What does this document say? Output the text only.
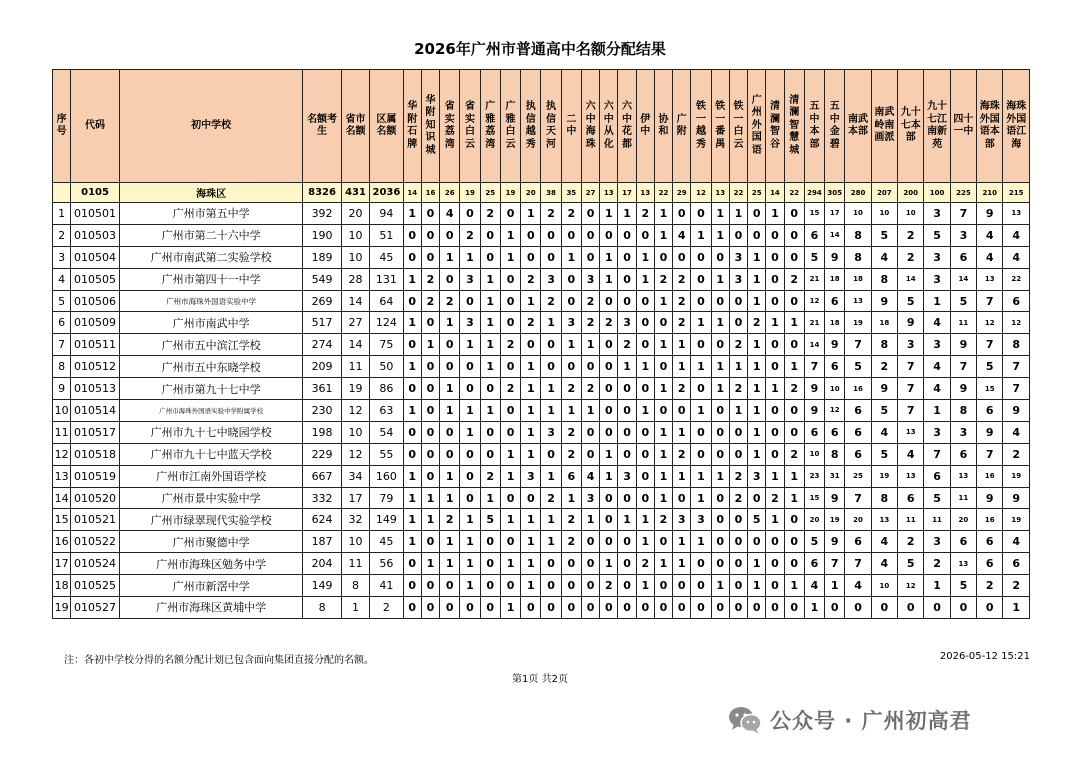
2026年广州市普通高中名额分配结果
序号	代码	初中学校	名额考生	省市名额	区属名额	华附石牌	华附知识城	省实荔湾	省实白云	广雅荔湾	广雅白云	执信越秀	执信天河	二中	六中海珠	六中从化	六中花都	伊中	协和	广附	铁一越秀	铁一番禺	铁一白云	广州外国语	清澜智谷	清澜智慧城	五中本部	五中金碧	南武本部	南武岭南画派	九十七本部	九十七江南新苑	四十一中	海珠外国语本部	海珠外国语江海
	0105	海珠区	8326	431	2036	14	16	26	19	25	19	20	38	35	27	13	17	13	22	29	12	13	22	25	14	22	294	305	280	207	200	100	225	210	215
1	010501	广州市第五中学	392	20	94	1	0	4	0	2	0	1	2	2	0	1	1	2	1	0	0	1	1	0	1	0	15	17	10	10	10	3	7	9	13
2	010503	广州市第二十六中学	190	10	51	0	0	0	2	0	1	0	0	0	0	0	0	0	1	4	1	1	0	0	0	0	6	14	8	5	2	5	3	4	4
3	010504	广州市南武第二实验学校	189	10	45	0	0	1	1	0	1	0	0	1	0	1	0	1	0	0	0	0	3	1	0	0	5	9	8	4	2	3	6	4	4
4	010505	广州市第四十一中学	549	28	131	1	2	0	3	1	0	2	3	0	3	1	0	1	2	2	0	1	3	1	0	2	21	18	18	8	14	3	14	13	22
5	010506	广州市海珠外国语实验中学	269	14	64	0	2	2	0	1	0	1	2	0	2	0	0	0	1	2	0	0	0	1	0	0	12	6	13	9	5	1	5	7	6
6	010509	广州市南武中学	517	27	124	1	0	1	3	1	0	2	1	3	2	2	3	0	0	2	1	1	0	2	1	1	21	18	19	18	9	4	11	12	12
7	010511	广州市五中滨江学校	274	14	75	0	1	0	1	1	2	0	0	1	1	0	2	0	1	1	0	0	2	1	0	0	14	9	7	8	3	3	9	7	8
8	010512	广州市五中东晓学校	209	11	50	1	0	0	0	1	0	1	0	0	0	0	1	1	0	1	1	1	1	1	0	1	7	6	5	2	7	4	7	5	7
9	010513	广州市第九十七中学	361	19	86	0	0	1	0	0	2	1	1	2	2	0	0	0	1	2	0	1	2	1	1	2	9	10	16	9	7	4	9	15	7
10	010514	广州市海珠外国语实验中学附属学校	230	12	63	1	0	1	1	1	0	1	1	1	1	0	0	1	0	0	1	0	1	1	0	0	9	12	6	5	7	1	8	6	9
11	010517	广州市九十七中晓园学校	198	10	54	0	0	0	1	0	0	1	3	2	0	0	0	0	1	1	0	0	0	1	0	0	6	6	6	4	13	3	3	9	4
12	010518	广州市九十七中蓝天学校	229	12	55	0	0	0	0	0	1	1	0	2	0	1	0	0	1	2	0	0	0	1	0	2	10	8	6	5	4	7	6	7	2
13	010519	广州市江南外国语学校	667	34	160	1	0	1	0	2	1	3	1	6	4	1	3	0	1	1	1	1	2	3	1	1	23	31	25	19	13	6	13	16	19
14	010520	广州市景中实验中学	332	17	79	1	1	1	0	1	0	0	2	1	3	0	0	0	1	0	1	0	2	0	2	1	15	9	7	8	6	5	11	9	9
15	010521	广州市绿翠现代实验学校	624	32	149	1	1	2	1	5	1	1	1	2	1	0	1	1	2	3	3	0	0	5	1	0	20	19	20	13	11	11	20	16	19
16	010522	广州市聚德中学	187	10	45	1	0	1	1	0	0	1	1	2	0	0	0	1	0	1	1	0	0	0	0	0	5	9	6	4	2	3	6	6	4
17	010524	广州市海珠区勉务中学	204	11	56	0	1	1	1	0	1	1	0	0	0	1	0	2	1	1	0	0	0	1	0	0	6	7	7	4	5	2	13	6	6
18	010525	广州市新滘中学	149	8	41	0	0	0	1	0	0	1	0	0	0	2	0	1	0	0	0	1	0	1	0	1	4	1	4	10	12	1	5	2	2
19	010527	广州市海珠区黄埔中学	8	1	2	0	0	0	0	0	1	0	0	0	0	0	0	0	0	0	0	0	0	0	0	0	1	0	0	0	0	0	0	0	1
注：各初中学校分得的名额分配计划已包含面向集团直接分配的名额。	2026-05-12 15:21
第1页 共2页
公众号 · 广州初高君
